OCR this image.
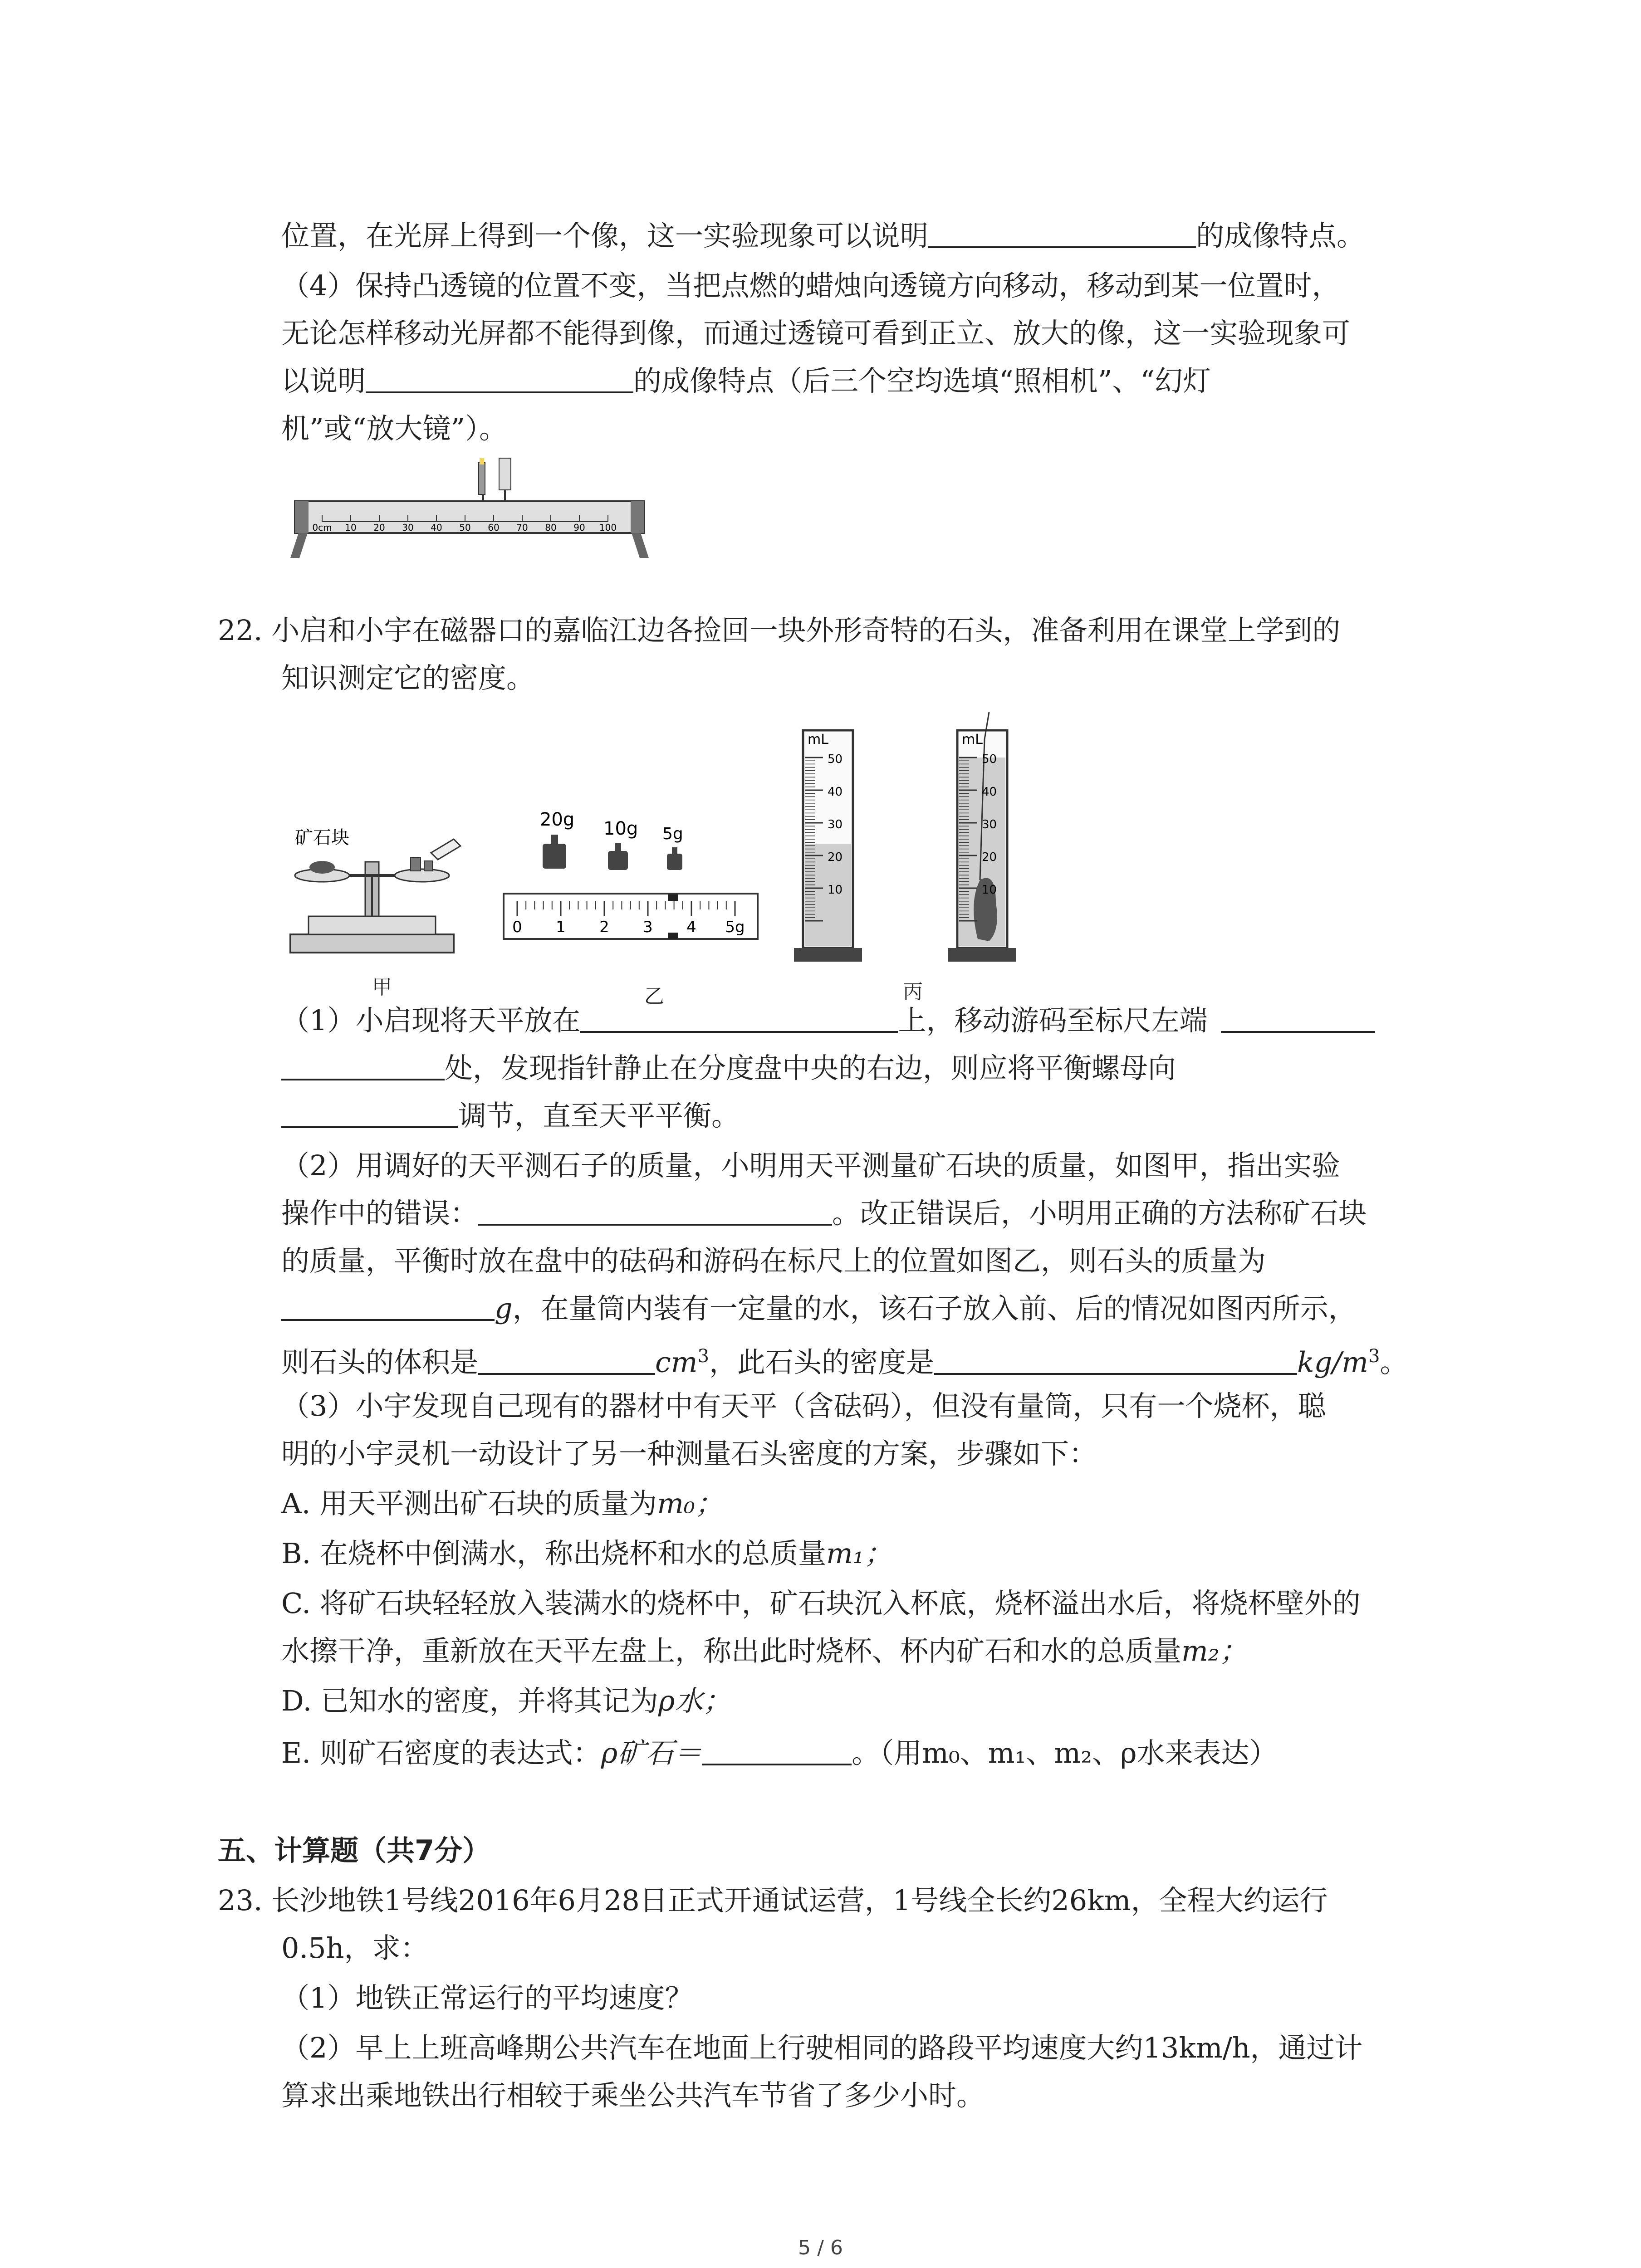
位置，在光屏上得到一个像，这一实验现象可以说明	的成像特点。
（4）保持凸透镜的位置不变，当把点燃的蜡烛向透镜方向移动，移动到某一位置时，
无论怎样移动光屏都不能得到像，而通过透镜可看到正立、放大的像，这一实验现象可
以说明	的成像特点（后三个空均选填“照相机”、“幻灯
机”或“放大镜”）。
0cm 10 20 30 40 50 60 70 80 90 100
22. 小启和小宇在磁器口的嘉临江边各捡回一块外形奇特的石头，准备利用在课堂上学到的
知识测定它的密度。
矿石块
甲
20g 10g 5g
0 1 2 3 4 5g
乙
mL
50
40
30
20
10
mL
50
40
30
20
10
丙
（1）小启现将天平放在	上，移动游码至标尺左端
处，发现指针静止在分度盘中央的右边，则应将平衡螺母向
调节，直至天平平衡。
（2）用调好的天平测石子的质量，小明用天平测量矿石块的质量，如图甲，指出实验
操作中的错误：	。改正错误后，小明用正确的方法称矿石块
的质量，平衡时放在盘中的砝码和游码在标尺上的位置如图乙，则石头的质量为
g，在量筒内装有一定量的水，该石子放入前、后的情况如图丙所示，
则石头的体积是	$cm^3$，此石头的密度是	$kg/m^3$。
（3）小宇发现自己现有的器材中有天平（含砝码），但没有量筒，只有一个烧杯，聪
明的小宇灵机一动设计了另一种测量石头密度的方案，步骤如下：
A. 用天平测出矿石块的质量为m₀；
B. 在烧杯中倒满水，称出烧杯和水的总质量m₁；
C. 将矿石块轻轻放入装满水的烧杯中，矿石块沉入杯底，烧杯溢出水后，将烧杯壁外的
水擦干净，重新放在天平左盘上，称出此时烧杯、杯内矿石和水的总质量m₂；
D. 已知水的密度，并将其记为ρ水；
E. 则矿石密度的表达式：ρ矿石＝	。（用m₀、m₁、m₂、ρ水来表达）
五、计算题（共7分）
23. 长沙地铁1号线2016年6月28日正式开通试运营，1号线全长约26km，全程大约运行
0.5h，求：
（1）地铁正常运行的平均速度？
（2）早上上班高峰期公共汽车在地面上行驶相同的路段平均速度大约13km/h，通过计
算求出乘地铁出行相较于乘坐公共汽车节省了多少小时。
5 / 6
